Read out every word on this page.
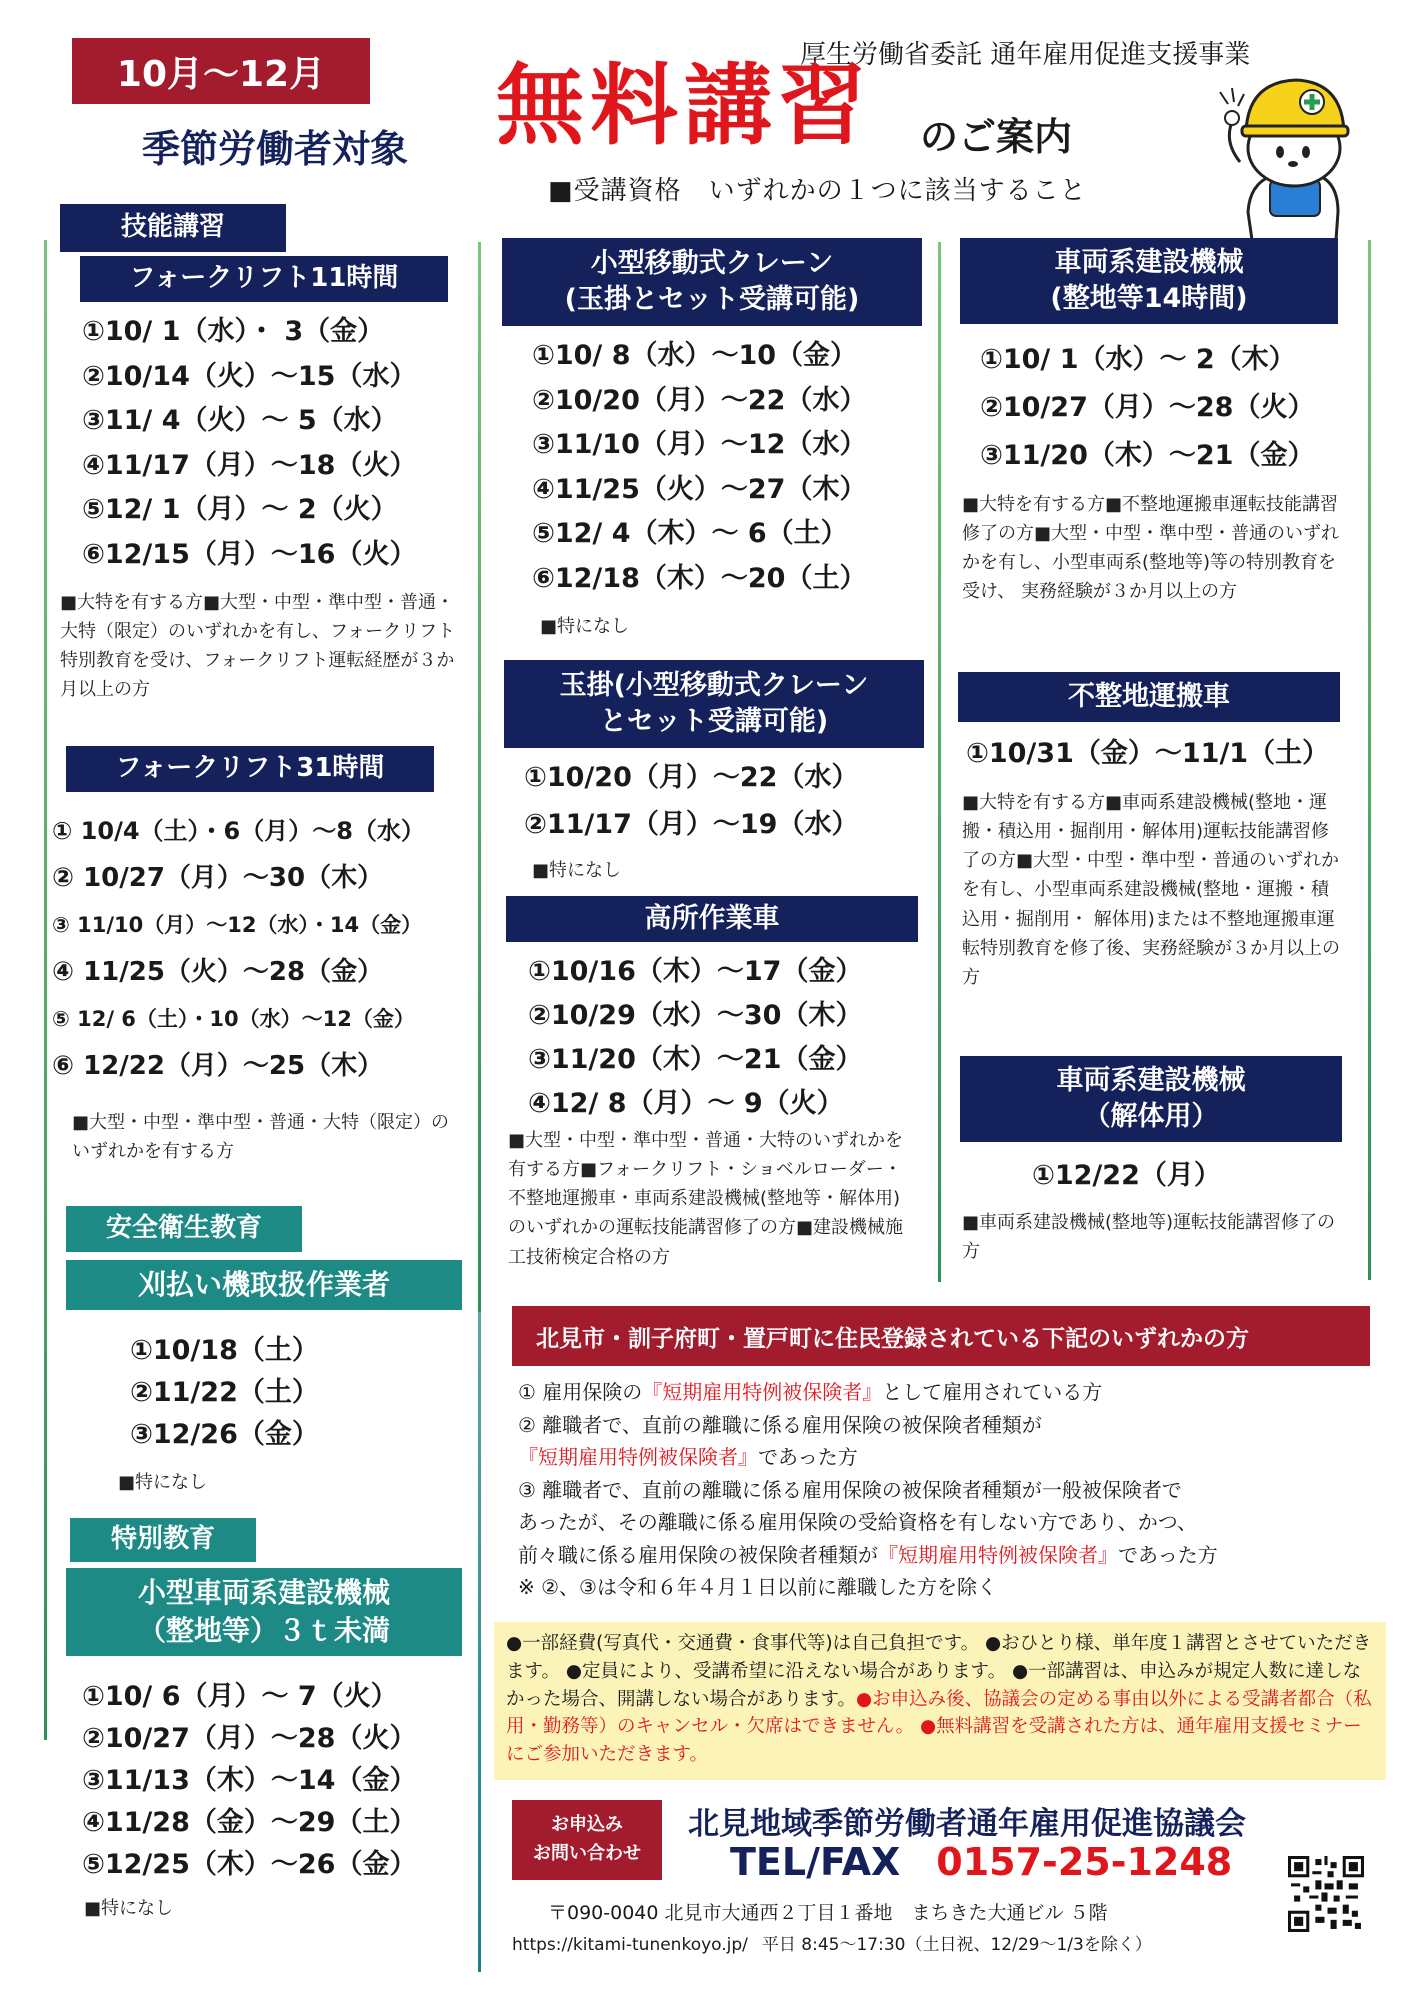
10月～12月	厚生労働省委託 通年雇用促進支援事業
季節労働者対象 無料講習 のご案内
■受講資格　いずれかの１つに該当すること
技能講習
フォークリフト11時間
①10/ 1（水）・ 3（金）
②10/14（火）～15（水）
③11/ 4（火）～ 5（水）
④11/17（月）～18（火）
⑤12/ 1（月）～ 2（火）
⑥12/15（月）～16（火）
■大特を有する方■大型・中型・準中型・普通・大特（限定）のいずれかを有し、フォークリフト特別教育を受け、フォークリフト運転経歴が３か月以上の方
フォークリフト31時間
① 10/4（土）・6（月）～8（水）
② 10/27（月）～30（木）
③ 11/10（月）～12（水）・14（金）
④ 11/25（火）～28（金）
⑤ 12/ 6（土）・10（水）～12（金）
⑥ 12/22（月）～25（木）
■大型・中型・準中型・普通・大特（限定）のいずれかを有する方
安全衛生教育
刈払い機取扱作業者
①10/18（土）
②11/22（土）
③12/26（金）
■特になし
特別教育
小型車両系建設機械
（整地等）３ｔ未満
①10/ 6（月）～ 7（火）
②10/27（月）～28（火）
③11/13（木）～14（金）
④11/28（金）～29（土）
⑤12/25（木）～26（金）
■特になし
小型移動式クレーン
(玉掛とセット受講可能)
①10/ 8（水）～10（金）
②10/20（月）～22（水）
③11/10（月）～12（水）
④11/25（火）～27（木）
⑤12/ 4（木）～ 6（土）
⑥12/18（木）～20（土）
■特になし
玉掛(小型移動式クレーン
とセット受講可能)
①10/20（月）～22（水）
②11/17（月）～19（水）
■特になし
高所作業車
①10/16（木）～17（金）
②10/29（水）～30（木）
③11/20（木）～21（金）
④12/ 8（月）～ 9（火）
■大型・中型・準中型・普通・大特のいずれかを有する方■フォークリフト・ショベルローダー・不整地運搬車・車両系建設機械(整地等・解体用)のいずれかの運転技能講習修了の方■建設機械施工技術検定合格の方
車両系建設機械
(整地等14時間)
①10/ 1（水）～ 2（木）
②10/27（月）～28（火）
③11/20（木）～21（金）
■大特を有する方■不整地運搬車運転技能講習修了の方■大型・中型・準中型・普通のいずれかを有し、小型車両系(整地等)等の特別教育を受け、 実務経験が３か月以上の方
不整地運搬車
①10/31（金）～11/1（土）
■大特を有する方■車両系建設機械(整地・運搬・積込用・掘削用・解体用)運転技能講習修了の方■大型・中型・準中型・普通のいずれかを有し、小型車両系建設機械(整地・運搬・積込用・掘削用・ 解体用)または不整地運搬車運転特別教育を修了後、実務経験が３か月以上の方
車両系建設機械
（解体用）
①12/22（月）
■車両系建設機械(整地等)運転技能講習修了の方
北見市・訓子府町・置戸町に住民登録されている下記のいずれかの方
① 雇用保険の『短期雇用特例被保険者』として雇用されている方
② 離職者で、直前の離職に係る雇用保険の被保険者種類が
『短期雇用特例被保険者』であった方
③ 離職者で、直前の離職に係る雇用保険の被保険者種類が一般被保険者で
あったが、その離職に係る雇用保険の受給資格を有しない方であり、かつ、
前々職に係る雇用保険の被保険者種類が『短期雇用特例被保険者』であった方
※ ②、③は令和６年４月１日以前に離職した方を除く
●一部経費(写真代・交通費・食事代等)は自己負担です。 ●おひとり様、単年度１講習とさせていただきます。 ●定員により、受講希望に沿えない場合があります。 ●一部講習は、申込みが規定人数に達しなかった場合、開講しない場合があります。●お申込み後、協議会の定める事由以外による受講者都合（私用・勤務等）のキャンセル・欠席はできません。 ●無料講習を受講された方は、通年雇用支援セミナーにご参加いただきます。
お申込み
お問い合わせ
北見地域季節労働者通年雇用促進協議会
TEL/FAX 0157-25-1248
〒090-0040 北見市大通西２丁目１番地　まちきた大通ビル ５階
https://kitami-tunenkoyo.jp/ 平日 8:45～17:30（土日祝、12/29～1/3を除く）
